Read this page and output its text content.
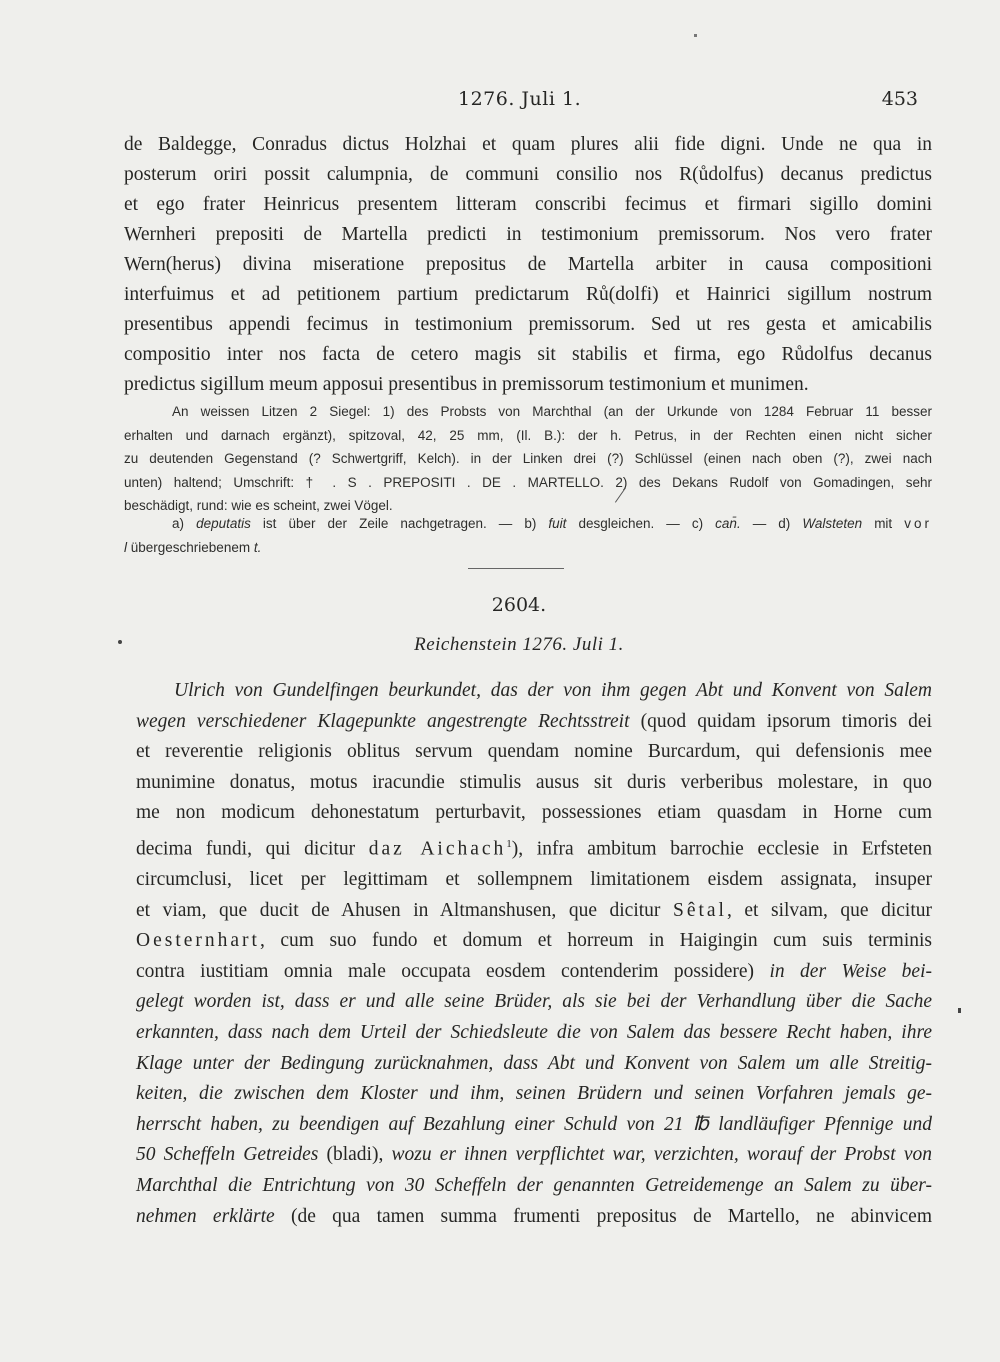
1276. Juli 1.	453
de Baldegge, Conradus dictus Holzhai et quam plures alii fide digni. Unde ne qua in
posterum oriri possit calumpnia, de communi consilio nos R(ůdolfus) decanus predictus
et ego frater Heinricus presentem litteram conscribi fecimus et firmari sigillo domini
Wernheri prepositi de Martella predicti in testimonium premissorum. Nos vero frater
Wern(herus) divina miseratione prepositus de Martella arbiter in causa compositioni
interfuimus et ad petitionem partium predictarum Rů(dolfi) et Hainrici sigillum nostrum
presentibus appendi fecimus in testimonium premissorum. Sed ut res gesta et amicabilis
compositio inter nos facta de cetero magis sit stabilis et firma, ego Růdolfus decanus
predictus sigillum meum apposui presentibus in premissorum testimonium et munimen.
An weissen Litzen 2 Siegel: 1) des Probsts von Marchthal (an der Urkunde von 1284 Februar 11 besser
erhalten und darnach ergänzt), spitzoval, 42, 25 mm, (Il. B.): der h. Petrus, in der Rechten einen nicht sicher
zu deutenden Gegenstand (? Schwertgriff, Kelch). in der Linken drei (?) Schlüssel (einen nach oben (?), zwei nach
unten) haltend; Umschrift: † . S . PREPOSITI . DE . MARTELLO. 2) des Dekans Rudolf von Gomadingen, sehr
beschädigt, rund: wie es scheint, zwei Vögel.
a) deputatis ist über der Zeile nachgetragen. — b) fuit desgleichen. — c) can̄. — d) Walsteten mit vor
l übergeschriebenem t.
2604.
Reichenstein 1276. Juli 1.
Ulrich von Gundelfingen beurkundet, das der von ihm gegen Abt und Konvent von Salem
wegen verschiedener Klagepunkte angestrengte Rechtsstreit (quod quidam ipsorum timoris dei
et reverentie religionis oblitus servum quendam nomine Burcardum, qui defensionis mee
munimine donatus, motus iracundie stimulis ausus sit duris verberibus molestare, in quo
me non modicum dehonestatum perturbavit, possessiones etiam quasdam in Horne cum
decima fundi, qui dicitur daz Aichach$^1$), infra ambitum barrochie ecclesie in Erfsteten
circumclusi, licet per legittimam et sollempnem limitationem eisdem assignata, insuper
et viam, que ducit de Ahusen in Altmanshusen, que dicitur Sêtal, et silvam, que dicitur
Oesternhart, cum suo fundo et domum et horreum in Haigingin cum suis terminis
contra iustitiam omnia male occupata eosdem contenderim possidere) in der Weise bei-
gelegt worden ist, dass er und alle seine Brüder, als sie bei der Verhandlung über die Sache
erkannten, dass nach dem Urteil der Schiedsleute die von Salem das bessere Recht haben, ihre
Klage unter der Bedingung zurücknahmen, dass Abt und Konvent von Salem um alle Streitig-
keiten, die zwischen dem Kloster und ihm, seinen Brüdern und seinen Vorfahren jemals ge-
herrscht haben, zu beendigen auf Bezahlung einer Schuld von 21 ℔ landläufiger Pfennige und
50 Scheffeln Getreides (bladi), wozu er ihnen verpflichtet war, verzichten, worauf der Probst von
Marchthal die Entrichtung von 30 Scheffeln der genannten Getreidemenge an Salem zu über-
nehmen erklärte (de qua tamen summa frumenti prepositus de Martello, ne abinvicem
